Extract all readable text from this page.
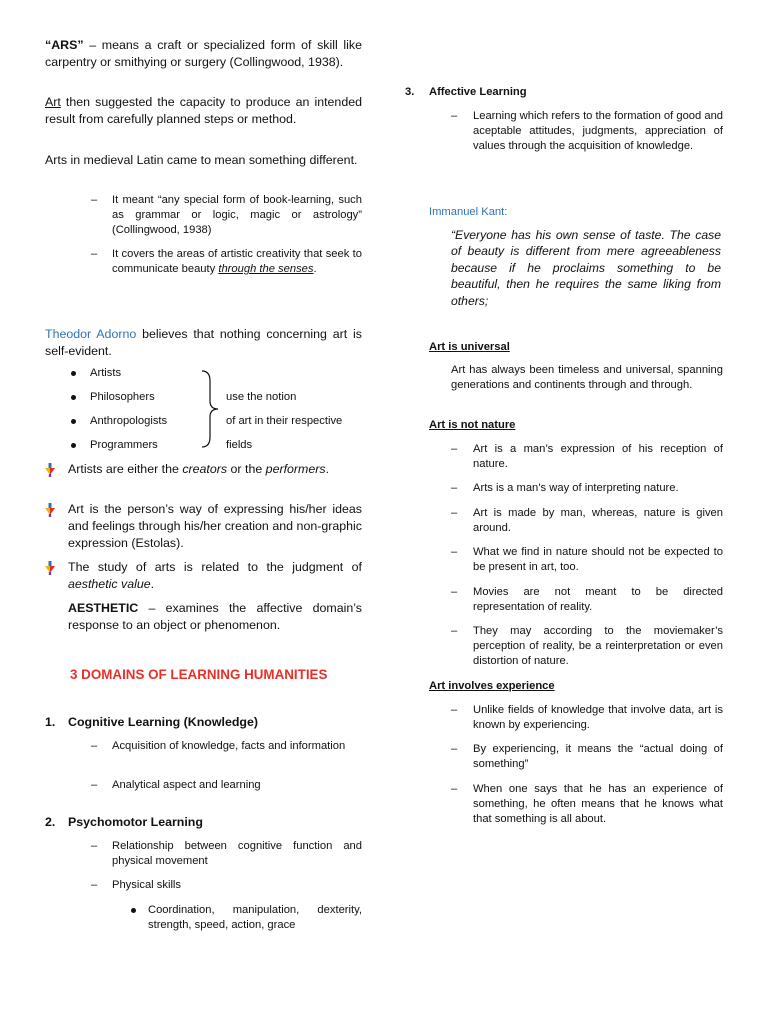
“ARS” – means a craft or specialized form of skill like carpentry or smithying or surgery (Collingwood, 1938).

Art then suggested the capacity to produce an intended result from carefully planned steps or method.

Arts in medieval Latin came to mean something different.

– It meant “any special form of book-learning, such as grammar or logic, magic or astrology” (Collingwood, 1938)

– It covers the areas of artistic creativity that seek to communicate beauty through the senses.

Theodor Adorno believes that nothing concerning art is self-evident.

Artists
Philosophers
Anthropologists
Programmers
use the notion
of art in their respective
fields

Artists are either the creators or the performers.

Art is the person’s way of expressing his/her ideas and feelings through his/her creation and non-graphic expression (Estolas).

The study of arts is related to the judgment of aesthetic value.

AESTHETIC – examines the affective domain’s response to an object or phenomenon.

3 DOMAINS OF LEARNING HUMANITIES

1. Cognitive Learning (Knowledge)
– Acquisition of knowledge, facts and information

– Analytical aspect and learning

2. Psychomotor Learning
– Relationship between cognitive function and physical movement

– Physical skills

Coordination, manipulation, dexterity, strength, speed, action, grace

3. Affective Learning
– Learning which refers to the formation of good and aceptable attitudes, judgments, appreciation of values through the acquisition of knowledge.

Immanuel Kant:

“Everyone has his own sense of taste. The case of beauty is different from mere agreeableness because if he proclaims something to be beautiful, then he requires the same liking from others;

Art is universal

Art has always been timeless and universal, spanning generations and continents through and through.

Art is not nature

– Art is a man’s expression of his reception of nature.

– Arts is a man’s way of interpreting nature.

– Art is made by man, whereas, nature is given around.

– What we find in nature should not be expected to be present in art, too.

– Movies are not meant to be directed representation of reality.

– They may according to the moviemaker’s perception of reality, be a reinterpretation or even distortion of nature.

Art involves experience

– Unlike fields of knowledge that involve data, art is known by experiencing.

– By experiencing, it means the “actual doing of something”

– When one says that he has an experience of something, he often means that he knows what that something is all about.
